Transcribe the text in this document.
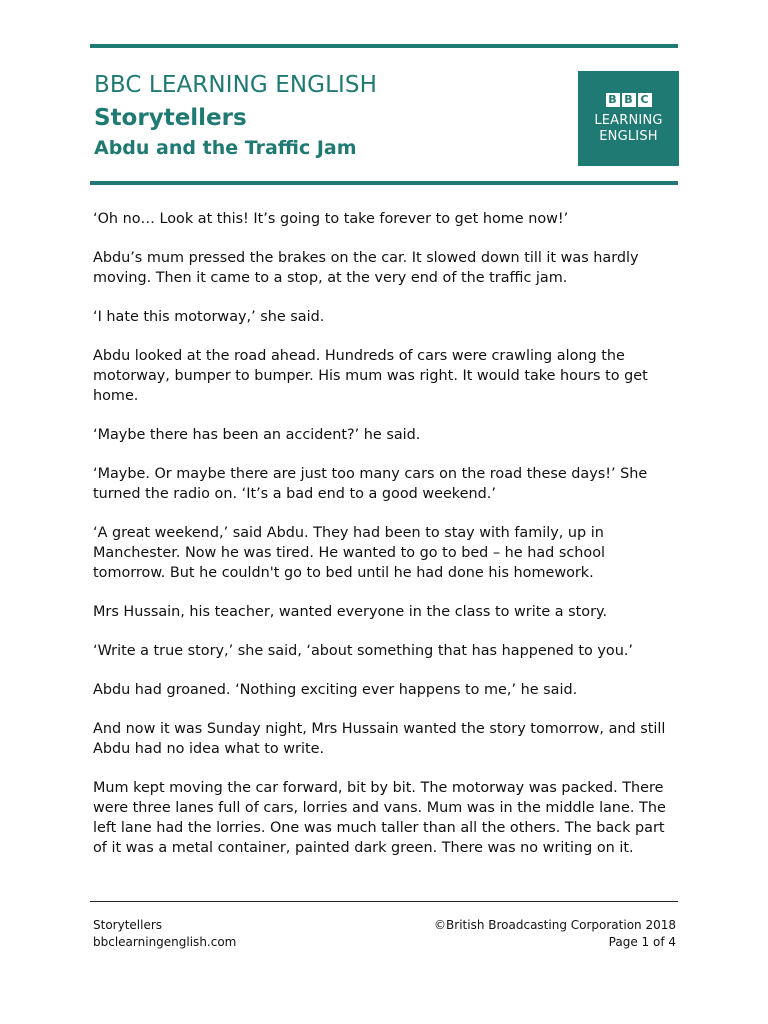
BBC LEARNING ENGLISH
Storytellers
Abdu and the Traffic Jam
B B C
LEARNING
ENGLISH

‘Oh no… Look at this! It’s going to take forever to get home now!’

Abdu’s mum pressed the brakes on the car. It slowed down till it was hardly moving. Then it came to a stop, at the very end of the traffic jam.

‘I hate this motorway,’ she said.

Abdu looked at the road ahead. Hundreds of cars were crawling along the motorway, bumper to bumper. His mum was right. It would take hours to get home.

‘Maybe there has been an accident?’ he said.

‘Maybe. Or maybe there are just too many cars on the road these days!’ She turned the radio on. ‘It’s a bad end to a good weekend.’

‘A great weekend,’ said Abdu. They had been to stay with family, up in Manchester. Now he was tired. He wanted to go to bed – he had school tomorrow. But he couldn't go to bed until he had done his homework.

Mrs Hussain, his teacher, wanted everyone in the class to write a story.

‘Write a true story,’ she said, ‘about something that has happened to you.’

Abdu had groaned. ‘Nothing exciting ever happens to me,’ he said.

And now it was Sunday night, Mrs Hussain wanted the story tomorrow, and still Abdu had no idea what to write.

Mum kept moving the car forward, bit by bit. The motorway was packed. There were three lanes full of cars, lorries and vans. Mum was in the middle lane. The left lane had the lorries. One was much taller than all the others. The back part of it was a metal container, painted dark green. There was no writing on it.

Storytellers
bbclearningenglish.com
©British Broadcasting Corporation 2018
Page 1 of 4
